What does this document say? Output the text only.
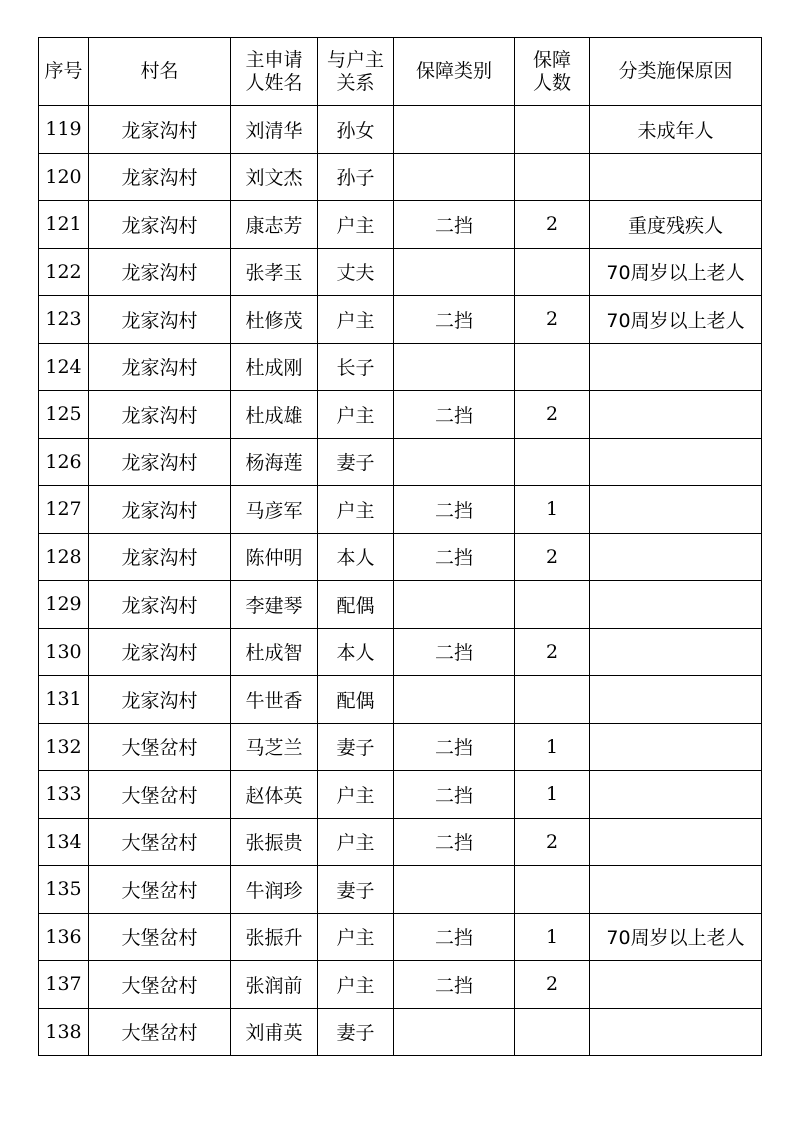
序号	村名	主申请人姓名	与户主关系	保障类别	保障人数	分类施保原因
119	龙家沟村	刘清华	孙女			未成年人
120	龙家沟村	刘文杰	孙子			
121	龙家沟村	康志芳	户主	二挡	2	重度残疾人
122	龙家沟村	张孝玉	丈夫			70周岁以上老人
123	龙家沟村	杜修茂	户主	二挡	2	70周岁以上老人
124	龙家沟村	杜成刚	长子			
125	龙家沟村	杜成雄	户主	二挡	2	
126	龙家沟村	杨海莲	妻子			
127	龙家沟村	马彦军	户主	二挡	1	
128	龙家沟村	陈仲明	本人	二挡	2	
129	龙家沟村	李建琴	配偶			
130	龙家沟村	杜成智	本人	二挡	2	
131	龙家沟村	牛世香	配偶			
132	大堡岔村	马芝兰	妻子	二挡	1	
133	大堡岔村	赵体英	户主	二挡	1	
134	大堡岔村	张振贵	户主	二挡	2	
135	大堡岔村	牛润珍	妻子			
136	大堡岔村	张振升	户主	二挡	1	70周岁以上老人
137	大堡岔村	张润前	户主	二挡	2	
138	大堡岔村	刘甫英	妻子			
